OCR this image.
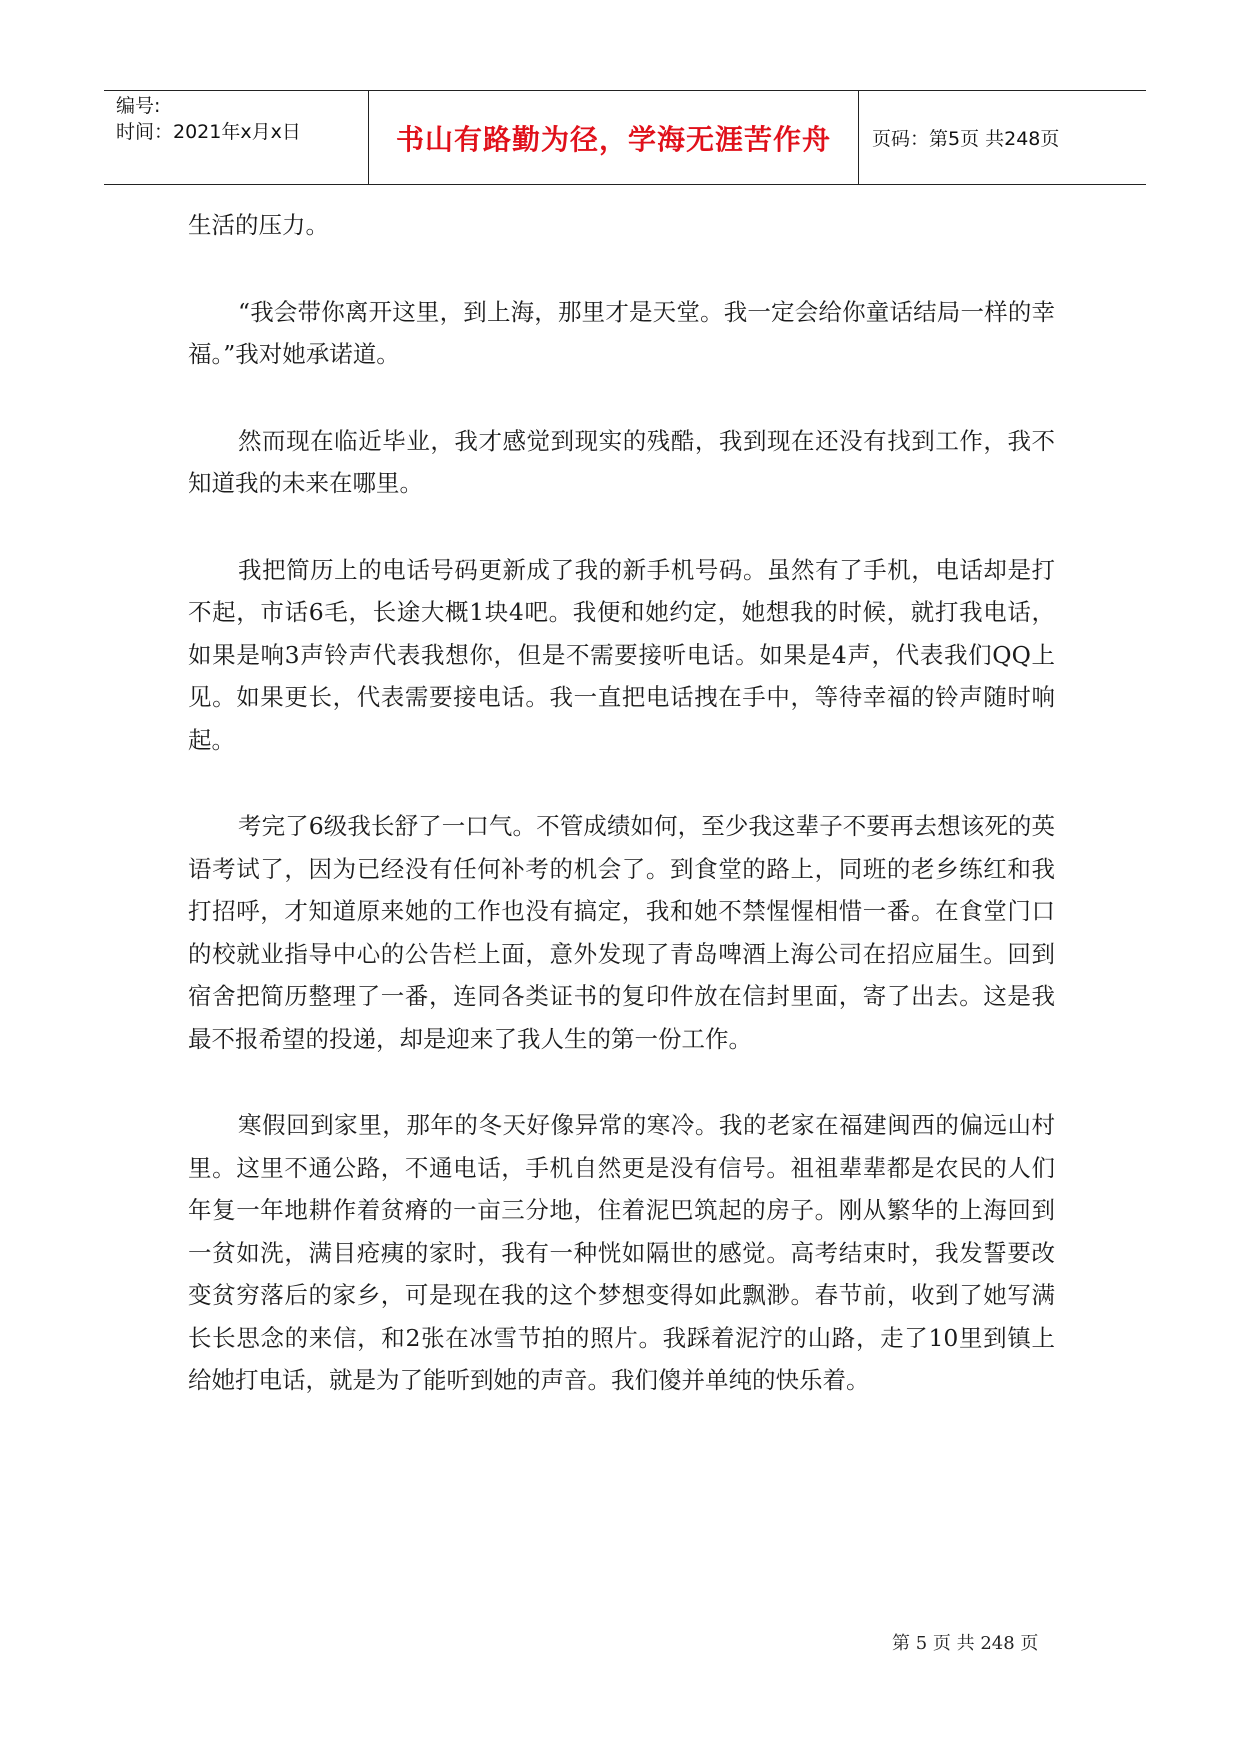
编号:
时间：2021年x月x日	书山有路勤为径，学海无涯苦作舟 页码：第5页 共248页

生活的压力。

“我会带你离开这里，到上海，那里才是天堂。我一定会给你童话结局一样的幸福。”我对她承诺道。

然而现在临近毕业，我才感觉到现实的残酷，我到现在还没有找到工作，我不知道我的未来在哪里。

我把简历上的电话号码更新成了我的新手机号码。虽然有了手机，电话却是打不起，市话6毛，长途大概1块4吧。我便和她约定，她想我的时候，就打我电话，如果是响3声铃声代表我想你，但是不需要接听电话。如果是4声，代表我们QQ上见。如果更长，代表需要接电话。我一直把电话拽在手中，等待幸福的铃声随时响起。

考完了6级我长舒了一口气。不管成绩如何，至少我这辈子不要再去想该死的英语考试了，因为已经没有任何补考的机会了。到食堂的路上，同班的老乡练红和我打招呼，才知道原来她的工作也没有搞定，我和她不禁惺惺相惜一番。在食堂门口的校就业指导中心的公告栏上面，意外发现了青岛啤酒上海公司在招应届生。回到宿舍把简历整理了一番，连同各类证书的复印件放在信封里面，寄了出去。这是我最不报希望的投递，却是迎来了我人生的第一份工作。

寒假回到家里，那年的冬天好像异常的寒冷。我的老家在福建闽西的偏远山村里。这里不通公路，不通电话，手机自然更是没有信号。祖祖辈辈都是农民的人们年复一年地耕作着贫瘠的一亩三分地，住着泥巴筑起的房子。刚从繁华的上海回到一贫如洗，满目疮痍的家时，我有一种恍如隔世的感觉。高考结束时，我发誓要改变贫穷落后的家乡，可是现在我的这个梦想变得如此飘渺。春节前，收到了她写满长长思念的来信，和2张在冰雪节拍的照片。我踩着泥泞的山路，走了10里到镇上给她打电话，就是为了能听到她的声音。我们傻并单纯的快乐着。

第 5 页 共 248 页
